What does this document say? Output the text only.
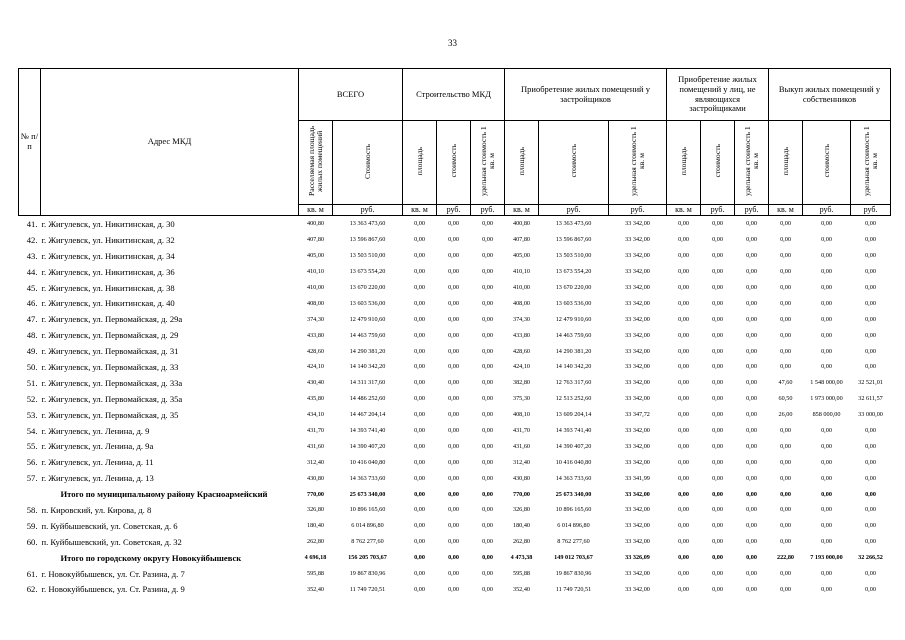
33
№ п/п	Адрес МКД	ВСЕГО		Строительство МКД			Приобретение жилых помещений у застройщиков			Приобретение жилых помещений у лиц, не являющихся застройщиками			Выкуп жилых помещений у собственников		
		Расселяемая площадь жилых помещений	Стоимость	площадь	стоимость	удельная стоимость 1 кв. м	площадь	стоимость	удельная стоимость 1 кв. м	площадь	стоимость	удельная стоимость 1 кв. м	площадь	стоимость	удельная стоимость 1 кв. м
		кв. м	руб.	кв. м	руб.	руб.	кв. м	руб.	руб.	кв. м	руб.	руб.	кв. м	руб.	руб.
41.	г. Жигулевск, ул. Никитинская, д. 30	400,80	13 363 473,60	0,00	0,00	0,00	400,80	13 363 473,60	33 342,00	0,00	0,00	0,00	0,00	0,00	0,00
42.	г. Жигулевск, ул. Никитинская, д. 32	407,80	13 596 867,60	0,00	0,00	0,00	407,80	13 596 867,60	33 342,00	0,00	0,00	0,00	0,00	0,00	0,00
43.	г. Жигулевск, ул. Никитинская, д. 34	405,00	13 503 510,00	0,00	0,00	0,00	405,00	13 503 510,00	33 342,00	0,00	0,00	0,00	0,00	0,00	0,00
44.	г. Жигулевск, ул. Никитинская, д. 36	410,10	13 673 554,20	0,00	0,00	0,00	410,10	13 673 554,20	33 342,00	0,00	0,00	0,00	0,00	0,00	0,00
45.	г. Жигулевск, ул. Никитинская, д. 38	410,00	13 670 220,00	0,00	0,00	0,00	410,00	13 670 220,00	33 342,00	0,00	0,00	0,00	0,00	0,00	0,00
46.	г. Жигулевск, ул. Никитинская, д. 40	408,00	13 603 536,00	0,00	0,00	0,00	408,00	13 603 536,00	33 342,00	0,00	0,00	0,00	0,00	0,00	0,00
47.	г. Жигулевск, ул. Первомайская, д. 29а	374,30	12 479 910,60	0,00	0,00	0,00	374,30	12 479 910,60	33 342,00	0,00	0,00	0,00	0,00	0,00	0,00
48.	г. Жигулевск, ул. Первомайская, д. 29	433,80	14 463 759,60	0,00	0,00	0,00	433,80	14 463 759,60	33 342,00	0,00	0,00	0,00	0,00	0,00	0,00
49.	г. Жигулевск, ул. Первомайская, д. 31	428,60	14 290 381,20	0,00	0,00	0,00	428,60	14 290 381,20	33 342,00	0,00	0,00	0,00	0,00	0,00	0,00
50.	г. Жигулевск, ул. Первомайская, д. 33	424,10	14 140 342,20	0,00	0,00	0,00	424,10	14 140 342,20	33 342,00	0,00	0,00	0,00	0,00	0,00	0,00
51.	г. Жигулевск, ул. Первомайская, д. 33а	430,40	14 311 317,60	0,00	0,00	0,00	382,80	12 763 317,60	33 342,00	0,00	0,00	0,00	47,60	1 548 000,00	32 521,01
52.	г. Жигулевск, ул. Первомайская, д. 35а	435,80	14 486 252,60	0,00	0,00	0,00	375,30	12 513 252,60	33 342,00	0,00	0,00	0,00	60,50	1 973 000,00	32 611,57
53.	г. Жигулевск, ул. Первомайская, д. 35	434,10	14 467 204,14	0,00	0,00	0,00	408,10	13 609 204,14	33 347,72	0,00	0,00	0,00	26,00	858 000,00	33 000,00
54.	г. Жигулевск, ул. Ленина, д. 9	431,70	14 393 741,40	0,00	0,00	0,00	431,70	14 393 741,40	33 342,00	0,00	0,00	0,00	0,00	0,00	0,00
55.	г. Жигулевск, ул. Ленина, д. 9а	431,60	14 390 407,20	0,00	0,00	0,00	431,60	14 390 407,20	33 342,00	0,00	0,00	0,00	0,00	0,00	0,00
56.	г. Жигулевск, ул. Ленина, д. 11	312,40	10 416 040,80	0,00	0,00	0,00	312,40	10 416 040,80	33 342,00	0,00	0,00	0,00	0,00	0,00	0,00
57.	г. Жигулевск, ул. Ленина, д. 13	430,80	14 363 733,60	0,00	0,00	0,00	430,80	14 363 733,60	33 341,99	0,00	0,00	0,00	0,00	0,00	0,00
	Итого по муниципальному району Красноармейский	770,00	25 673 340,00	0,00	0,00	0,00	770,00	25 673 340,00	33 342,00	0,00	0,00	0,00	0,00	0,00	0,00
58.	п. Кировский, ул. Кирова, д. 8	326,80	10 896 165,60	0,00	0,00	0,00	326,80	10 896 165,60	33 342,00	0,00	0,00	0,00	0,00	0,00	0,00
59.	п. Куйбышевский, ул. Советская, д. 6	180,40	6 014 896,80	0,00	0,00	0,00	180,40	6 014 896,80	33 342,00	0,00	0,00	0,00	0,00	0,00	0,00
60.	п. Куйбышевский, ул. Советская, д. 32	262,80	8 762 277,60	0,00	0,00	0,00	262,80	8 762 277,60	33 342,00	0,00	0,00	0,00	0,00	0,00	0,00
	Итого по городскому округу Новокуйбышевск	4 696,18	156 205 703,67	0,00	0,00	0,00	4 473,38	149 012 703,67	33 326,09	0,00	0,00	0,00	222,80	7 193 000,00	32 266,52
61.	г. Новокуйбышевск, ул. Ст. Разина, д. 7	595,88	19 867 830,96	0,00	0,00	0,00	595,88	19 867 830,96	33 342,00	0,00	0,00	0,00	0,00	0,00	0,00
62.	г. Новокуйбышевск, ул. Ст. Разина, д. 9	352,40	11 749 720,51	0,00	0,00	0,00	352,40	11 749 720,51	33 342,00	0,00	0,00	0,00	0,00	0,00	0,00
